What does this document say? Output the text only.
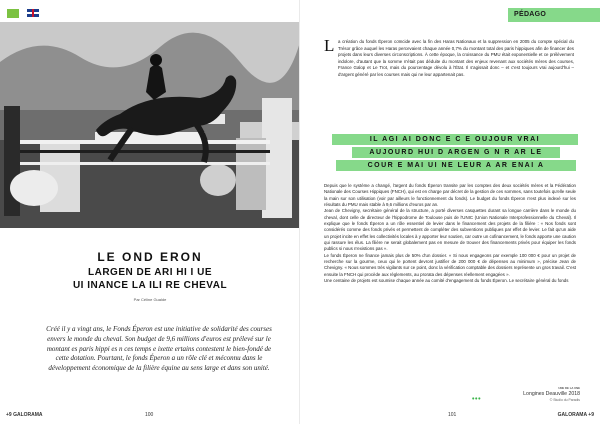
LE OND ERON
LARGEN DE ARI HI I UE
UI INANCE LA ILI RE CHEVAL
Par Céline Gualde
Créé il y a vingt ans, le Fonds Éperon est une initiative de solidarité des courses envers le monde du cheval. Son budget de 9,6 millions d'euros est prélevé sur le montant es paris hippi es n ces temps e ixette ertains contestent le bien-fondé de cette dotation. Pourtant, le fonds Éperon a un rôle clé et méconnu dans le développement économique de la filière équine au sens large et dans son unité.
+9 GALORAMA	100
PÉDAGO
L a création du fonds Éperon coïncide avec la fin des Haras Nationaux et la suppression en 2005 du compte spécial du Trésor grâce auquel les Haras percevaient chaque année 0,7% du montant total des paris hippiques afin de financer des projets dans leurs diverses circonscriptions. À cette époque, la croissance du PMU était exponentielle et ce prélèvement indolore, d'autant que la somme n'était pas déduite du montant des enjeux revenant aux sociétés mères des courses, France Galop et Le Trot, mais du pourcentage dévolu à l'État. Il s'agissait donc – et c'est toujours vrai aujourd'hui – d'argent généré par les courses mais qui ne leur appartenait pas.
IL AGI AI DONC E C E OUJOUR VRAI
AUJOURD HUI D ARGEN G N R AR LE
COUR E MAI UI NE LEUR A AR ENAI A

Depuis que le système a changé, l'argent du fonds Éperon transite par les comptes des deux sociétés mères et la Fédération Nationale des Courses Hippiques (FNCH), qui est en charge par décret de la gestion de ces sommes, sans toutefois qu'elle seule la main sur son utilisation (voir par ailleurs le fonctionnement du fonds). Le budget du fonds Éperon n'est plus indexé sur les résultats du PMU mais stable à 9,6 millions d'euros par an.

Jean de Chevigny, secrétaire général de la structure, a porté diverses casquettes durant sa longue carrière dans le monde du cheval, dont celle de directeur de l'hippodrome de Toulouse puis de l'UNIC (Union Nationale Interprofessionnelle du Cheval). Il explique que le fonds Éperon a un rôle essentiel de levier dans le financement des projets de la filière : « Nos fonds sont considérés comme des fonds privés et permettent de compléter des subventions publiques par effet de levier. Le fait qu'un aide un projet incite en effet les collectivités locales à y apporter leur soutien, car outre un cofinancement, le fonds apporte une caution qui rassure les élus. La filière ne serait globalement pas en mesure de trouver des financements privés pour équiper les fonds publics si nous n'existions pas ».

Le fonds Éperon ne finance jamais plus de 50% d'un dossier. « Si nous engageons par exemple 100 000 € pour un projet de recherche sur la gourme, ceux qui le portent devront justifier de 200 000 € de dépenses au minimum », précise Jean de Chevigny. « Nous sommes très vigilants sur ce point, donc la vérification comptable des dossiers représente un gros travail. C'est ensuite la FNCH qui procède aux règlements, au prorata des dépenses réellement engagées ».

Une centaine de projets est soumise chaque année au comité d'engagement du fonds Éperon. Le secrétaire général du fonds

•••
UNE DE LA UNE
Longines Deauville 2018
© Studio du Paradis
101	GALORAMA +9
